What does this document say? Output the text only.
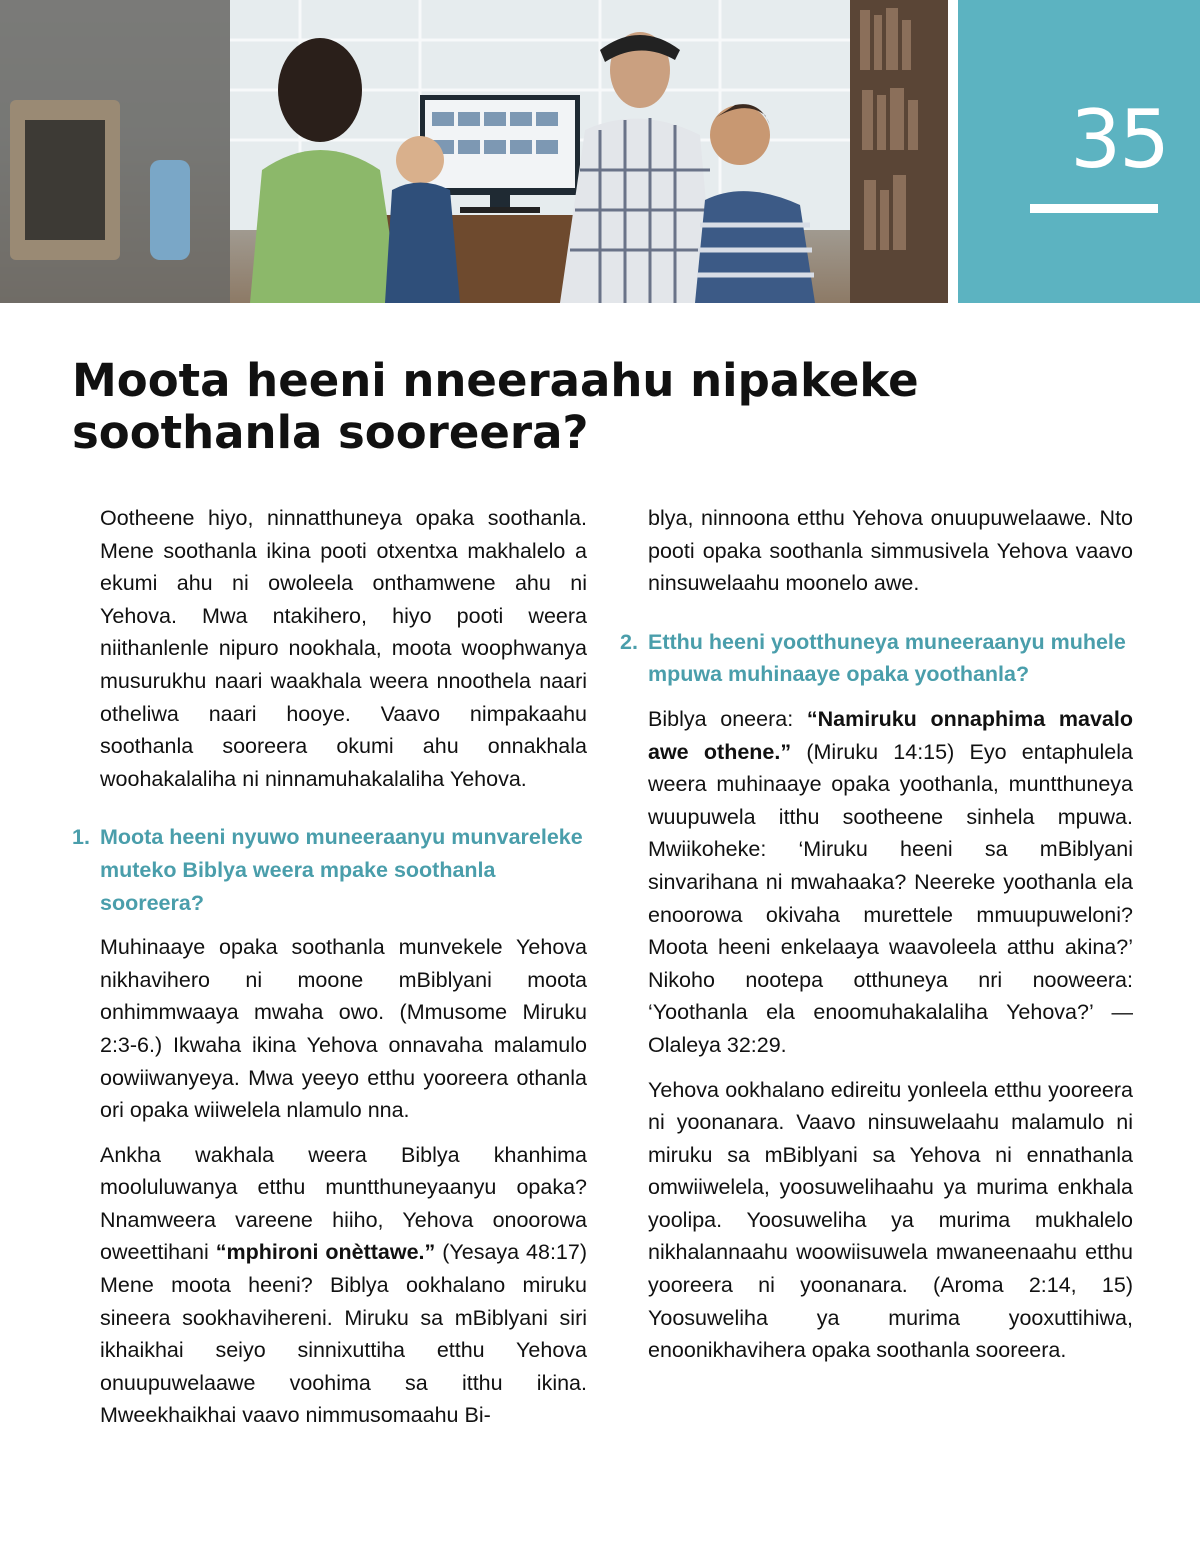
35
Moota heeni nneeraahu nipakeke soothanla sooreera?

Ootheene hiyo, ninnatthuneya opaka soothanla. Mene soothanla ikina pooti otxentxa makhalelo a ekumi ahu ni owoleela onthamwene ahu ni Yehova. Mwa ntakihero, hiyo pooti weera niithanlenle nipuro nookhala, moota woophwanya musurukhu naari waakhala weera nnoothela naari otheliwa naari hooye. Vaavo nimpakaahu soothanla sooreera okumi ahu onnakhala woohakalaliha ni ninnamuhakalaliha Yehova.

1. Moota heeni nyuwo muneeraanyu munvareleke muteko Biblya weera mpake soothanla sooreera?

Muhinaaye opaka soothanla munvekele Yehova nikhavihero ni moone mBiblyani moota onhimmwaaya mwaha owo. (Mmusome Miruku 2:3-6.) Ikwaha ikina Yehova onnavaha malamulo oowiiwanyeya. Mwa yeeyo etthu yooreera othanla ori opaka wiiwelela nlamulo nna.

Ankha wakhala weera Biblya khanhima mooluluwanya etthu muntthuneyaanyu opaka? Nnamweera vareene hiiho, Yehova onoorowa oweettihani “mphironi onèttawe.” (Yesaya 48:17) Mene moota heeni? Biblya ookhalano miruku sineera sookhavihereni. Miruku sa mBiblyani siri ikhaikhai seiyo sinnixuttiha etthu Yehova onuupuwelaawe voohima sa itthu ikina. Mweekhaikhai vaavo nimmusomaahu Bi-

blya, ninnoona etthu Yehova onuupuwelaawe. Nto pooti opaka soothanla simmusivela Yehova vaavo ninsuwelaahu moonelo awe.

2. Etthu heeni yootthuneya muneeraanyu muhele mpuwa muhinaaye opaka yoothanla?

Biblya oneera: “Namiruku onnaphima mavalo awe othene.” (Miruku 14:15) Eyo entaphulela weera muhinaaye opaka yoothanla, muntthuneya wuupuwela itthu sootheene sinhela mpuwa. Mwiikoheke: ‘Miruku heeni sa mBiblyani sinvarihana ni mwahaaka? Neereke yoothanla ela enoorowa okivaha murettele mmuupuweloni? Moota heeni enkelaaya waavoleela atthu akina?’ Nikoho nootepa otthuneya nri nooweera: ‘Yoothanla ela enoomuhakalaliha Yehova?’ — Olaleya 32:29.

Yehova ookhalano edireitu yonleela etthu yooreera ni yoonanara. Vaavo ninsuwelaahu malamulo ni miruku sa mBiblyani sa Yehova ni ennathanla omwiiwelela, yoosuwelihaahu ya murima enkhala yoolipa. Yoosuweliha ya murima mukhalelo nikhalannaahu woowiisuwela mwaneenaahu etthu yooreera ni yoonanara. (Aroma 2:14, 15) Yoosuweliha ya murima yooxuttihiwa, enoonikhavihera opaka soothanla sooreera.
